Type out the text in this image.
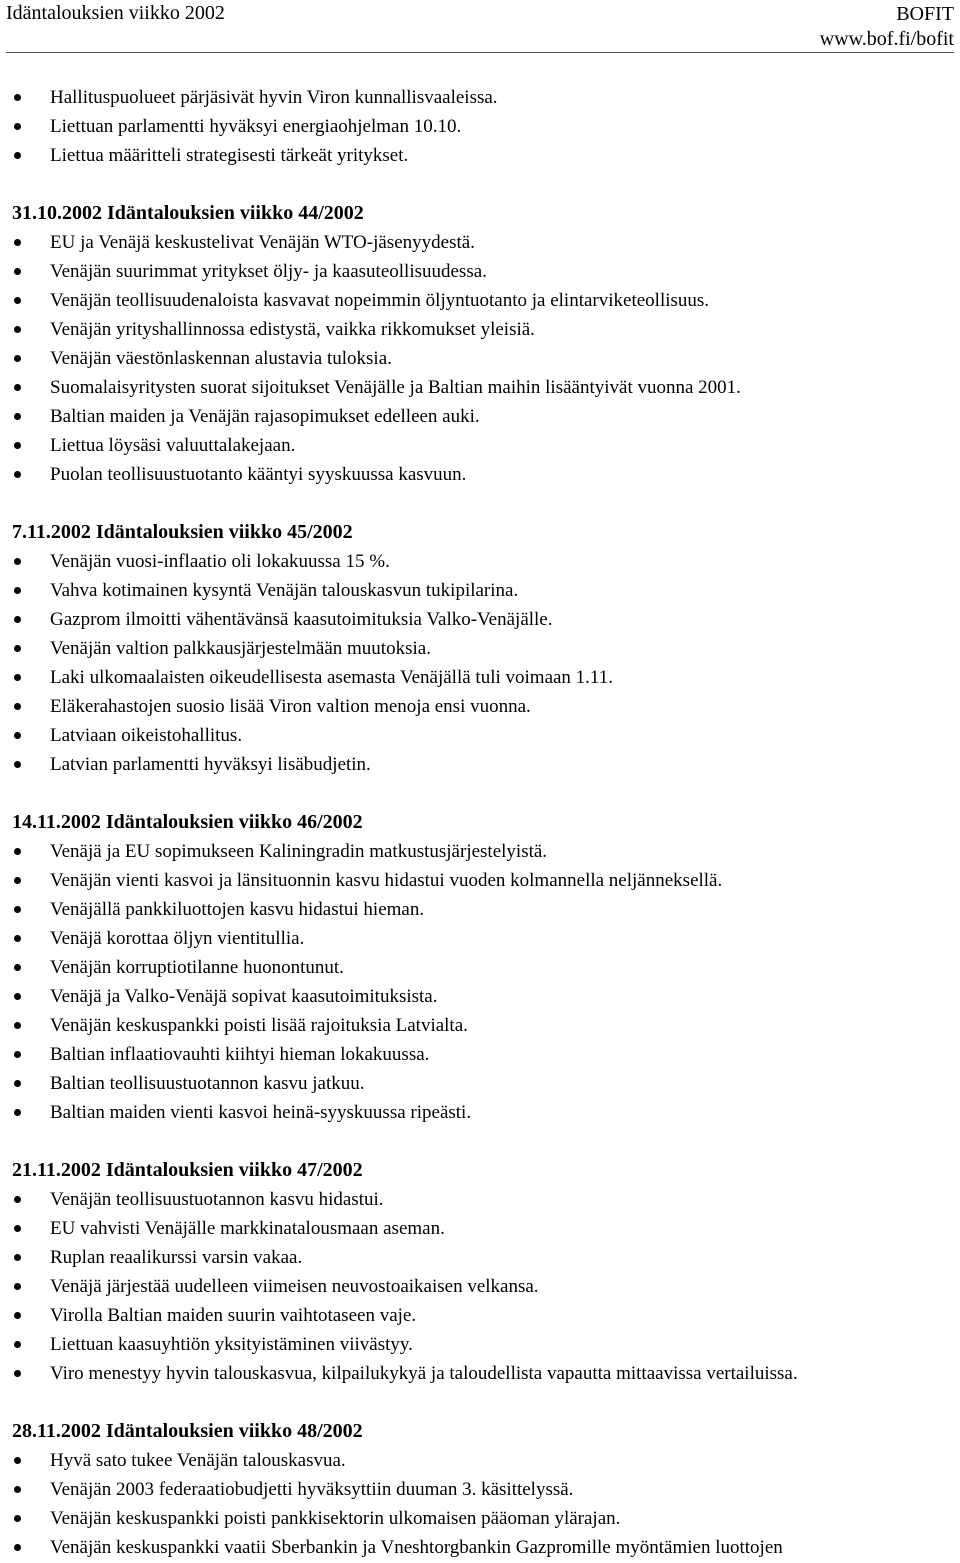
Idäntalouksien viikko 2002	BOFIT
www.bof.fi/bofit
Hallituspuolueet pärjäsivät hyvin Viron kunnallisvaaleissa.
Liettuan parlamentti hyväksyi energiaohjelman 10.10.
Liettua määritteli strategisesti tärkeät yritykset.
31.10.2002 Idäntalouksien viikko 44/2002
EU ja Venäjä keskustelivat Venäjän WTO-jäsenyydestä.
Venäjän suurimmat yritykset öljy- ja kaasuteollisuudessa.
Venäjän teollisuudenaloista kasvavat nopeimmin öljyntuotanto ja elintarviketeollisuus.
Venäjän yrityshallinnossa edistystä, vaikka rikkomukset yleisiä.
Venäjän väestönlaskennan alustavia tuloksia.
Suomalaisyritysten suorat sijoitukset Venäjälle ja Baltian maihin lisääntyivät vuonna 2001.
Baltian maiden ja Venäjän rajasopimukset edelleen auki.
Liettua löysäsi valuuttalakejaan.
Puolan teollisuustuotanto kääntyi syyskuussa kasvuun.
7.11.2002 Idäntalouksien viikko 45/2002
Venäjän vuosi-inflaatio oli lokakuussa 15 %.
Vahva kotimainen kysyntä Venäjän talouskasvun tukipilarina.
Gazprom ilmoitti vähentävänsä kaasutoimituksia Valko-Venäjälle.
Venäjän valtion palkkausjärjestelmään muutoksia.
Laki ulkomaalaisten oikeudellisesta asemasta Venäjällä tuli voimaan 1.11.
Eläkerahastojen suosio lisää Viron valtion menoja ensi vuonna.
Latviaan oikeistohallitus.
Latvian parlamentti hyväksyi lisäbudjetin.
14.11.2002 Idäntalouksien viikko 46/2002
Venäjä ja EU sopimukseen Kaliningradin matkustusjärjestelyistä.
Venäjän vienti kasvoi ja länsituonnin kasvu hidastui vuoden kolmannella neljänneksellä.
Venäjällä pankkiluottojen kasvu hidastui hieman.
Venäjä korottaa öljyn vientitullia.
Venäjän korruptiotilanne huonontunut.
Venäjä ja Valko-Venäjä sopivat kaasutoimituksista.
Venäjän keskuspankki poisti lisää rajoituksia Latvialta.
Baltian inflaatiovauhti kiihtyi hieman lokakuussa.
Baltian teollisuustuotannon kasvu jatkuu.
Baltian maiden vienti kasvoi heinä-syyskuussa ripeästi.
21.11.2002 Idäntalouksien viikko 47/2002
Venäjän teollisuustuotannon kasvu hidastui.
EU vahvisti Venäjälle markkinatalousmaan aseman.
Ruplan reaalikurssi varsin vakaa.
Venäjä järjestää uudelleen viimeisen neuvostoaikaisen velkansa.
Virolla Baltian maiden suurin vaihtotaseen vaje.
Liettuan kaasuyhtiön yksityistäminen viivästyy.
Viro menestyy hyvin talouskasvua, kilpailukykyä ja taloudellista vapautta mittaavissa vertailuissa.
28.11.2002 Idäntalouksien viikko 48/2002
Hyvä sato tukee Venäjän talouskasvua.
Venäjän 2003 federaatiobudjetti hyväksyttiin duuman 3. käsittelyssä.
Venäjän keskuspankki poisti pankkisektorin ulkomaisen pääoman ylärajan.
Venäjän keskuspankki vaatii Sberbankin ja Vneshtorgbankin Gazpromille myöntämien luottojen
